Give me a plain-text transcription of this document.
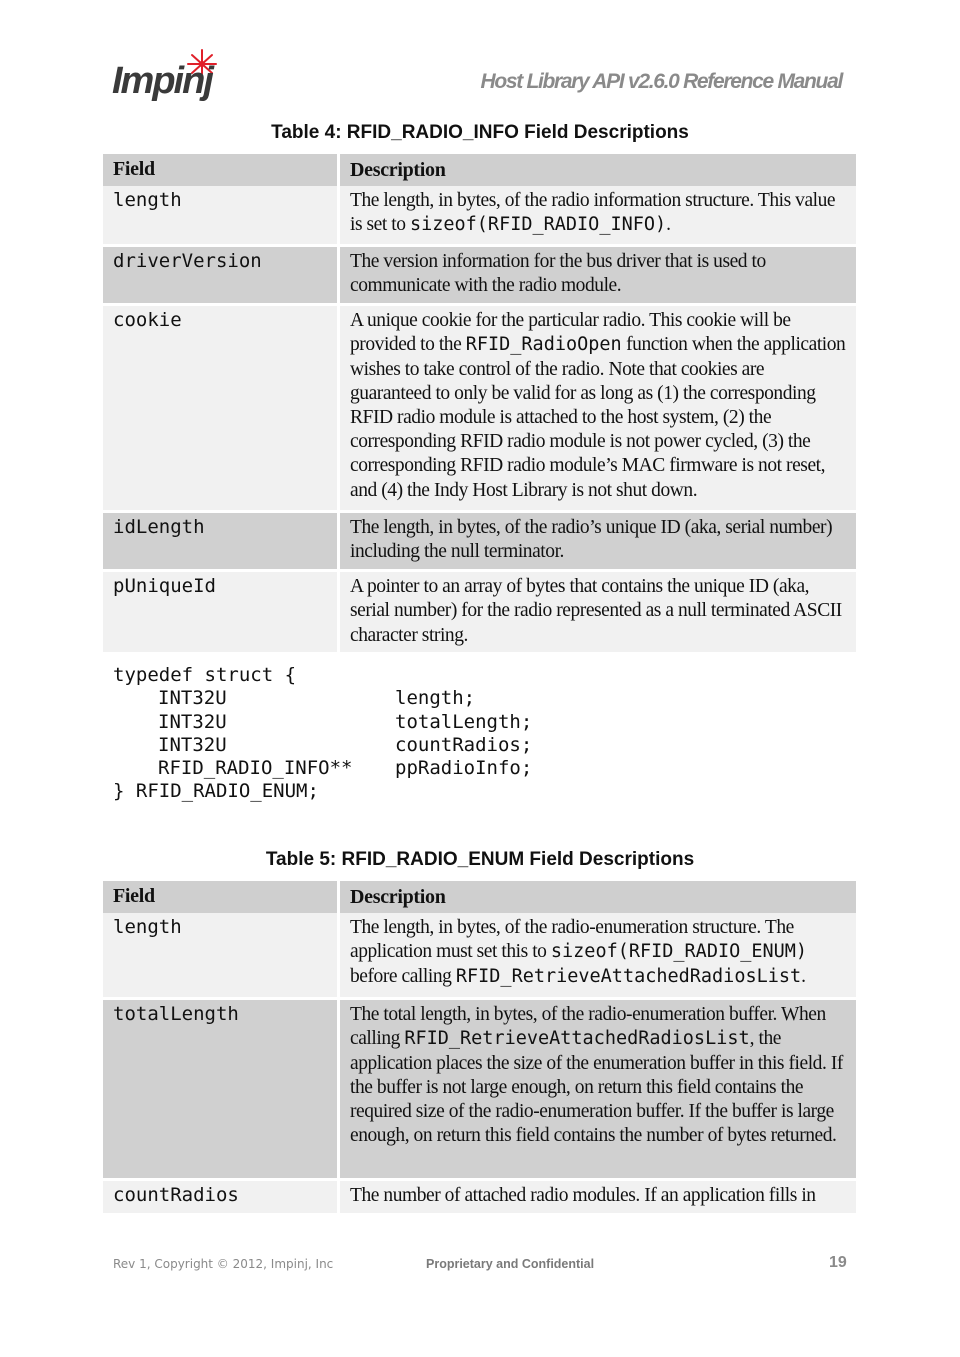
Impinj	Host Library API v2.6.0 Reference Manual
Table 4: RFID_RADIO_INFO Field Descriptions
Field	Description
length	The length, in bytes, of the radio information structure. This value is set to sizeof(RFID_RADIO_INFO).
driverVersion	The version information for the bus driver that is used to communicate with the radio module.
cookie	A unique cookie for the particular radio. This cookie will be provided to the RFID_RadioOpen function when the application wishes to take control of the radio. Note that cookies are guaranteed to only be valid for as long as (1) the corresponding RFID radio module is attached to the host system, (2) the corresponding RFID radio module is not power cycled, (3) the corresponding RFID radio module’s MAC firmware is not reset, and (4) the Indy Host Library is not shut down.
idLength	The length, in bytes, of the radio’s unique ID (aka, serial number) including the null terminator.
pUniqueId	A pointer to an array of bytes that contains the unique ID (aka, serial number) for the radio represented as a null terminated ASCII character string.
typedef struct {
INT32U	length;
INT32U	totalLength;
INT32U	countRadios;
RFID_RADIO_INFO** ppRadioInfo;
} RFID_RADIO_ENUM;
Table 5: RFID_RADIO_ENUM Field Descriptions
Field	Description
length	The length, in bytes, of the radio-enumeration structure. The application must set this to sizeof(RFID_RADIO_ENUM) before calling RFID_RetrieveAttachedRadiosList.
totalLength	The total length, in bytes, of the radio-enumeration buffer. When calling RFID_RetrieveAttachedRadiosList, the application places the size of the enumeration buffer in this field. If the buffer is not large enough, on return this field contains the required size of the radio-enumeration buffer. If the buffer is large enough, on return this field contains the number of bytes returned.
countRadios	The number of attached radio modules. If an application fills in
Rev 1, Copyright © 2012, Impinj, Inc	Proprietary and Confidential	19
